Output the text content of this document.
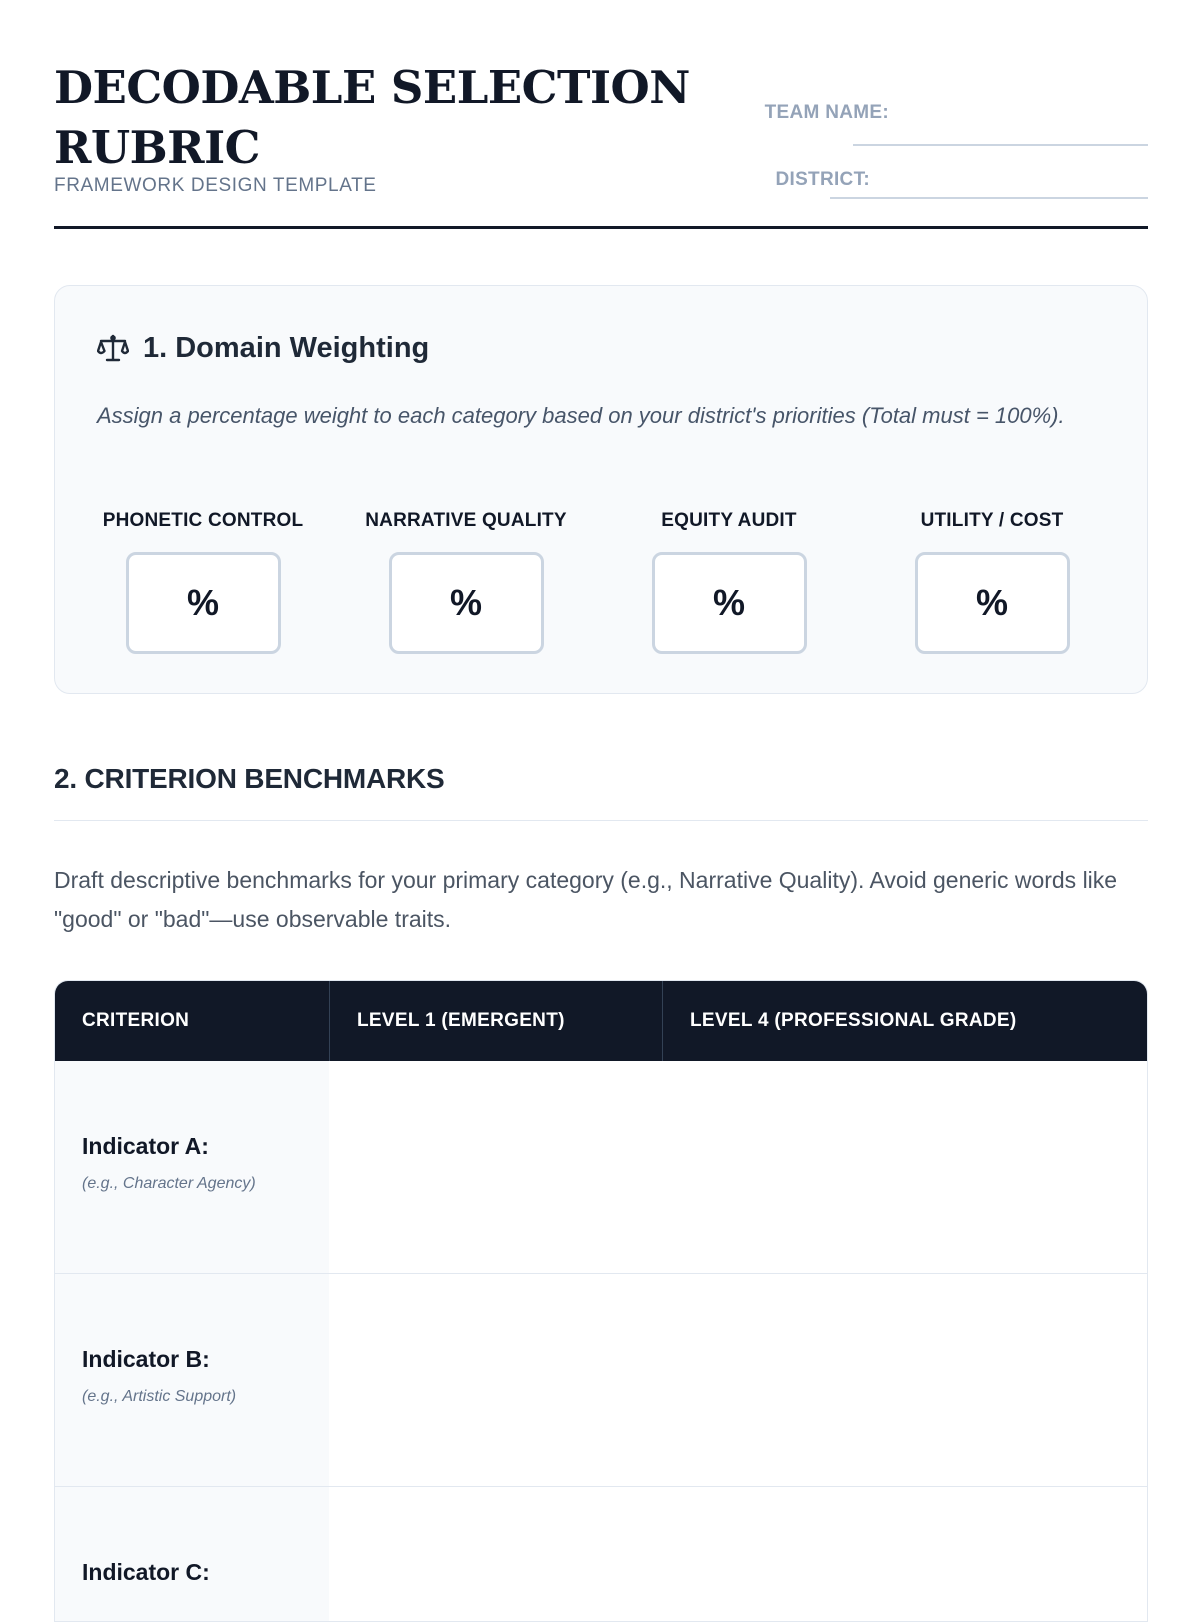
DECODABLE SELECTION RUBRIC
FRAMEWORK DESIGN TEMPLATE
TEAM NAME:
DISTRICT:
1. Domain Weighting

Assign a percentage weight to each category based on your district's priorities (Total must = 100%).

PHONETIC CONTROL
%
NARRATIVE QUALITY
%
EQUITY AUDIT
%
UTILITY / COST
%
2. CRITERION BENCHMARKS

Draft descriptive benchmarks for your primary category (e.g., Narrative Quality). Avoid generic words like "good" or "bad"—use observable traits.

CRITERION	LEVEL 1 (EMERGENT)	LEVEL 4 (PROFESSIONAL GRADE)
Indicator A:
(e.g., Character Agency)
Indicator B:
(e.g., Artistic Support)
Indicator C:
